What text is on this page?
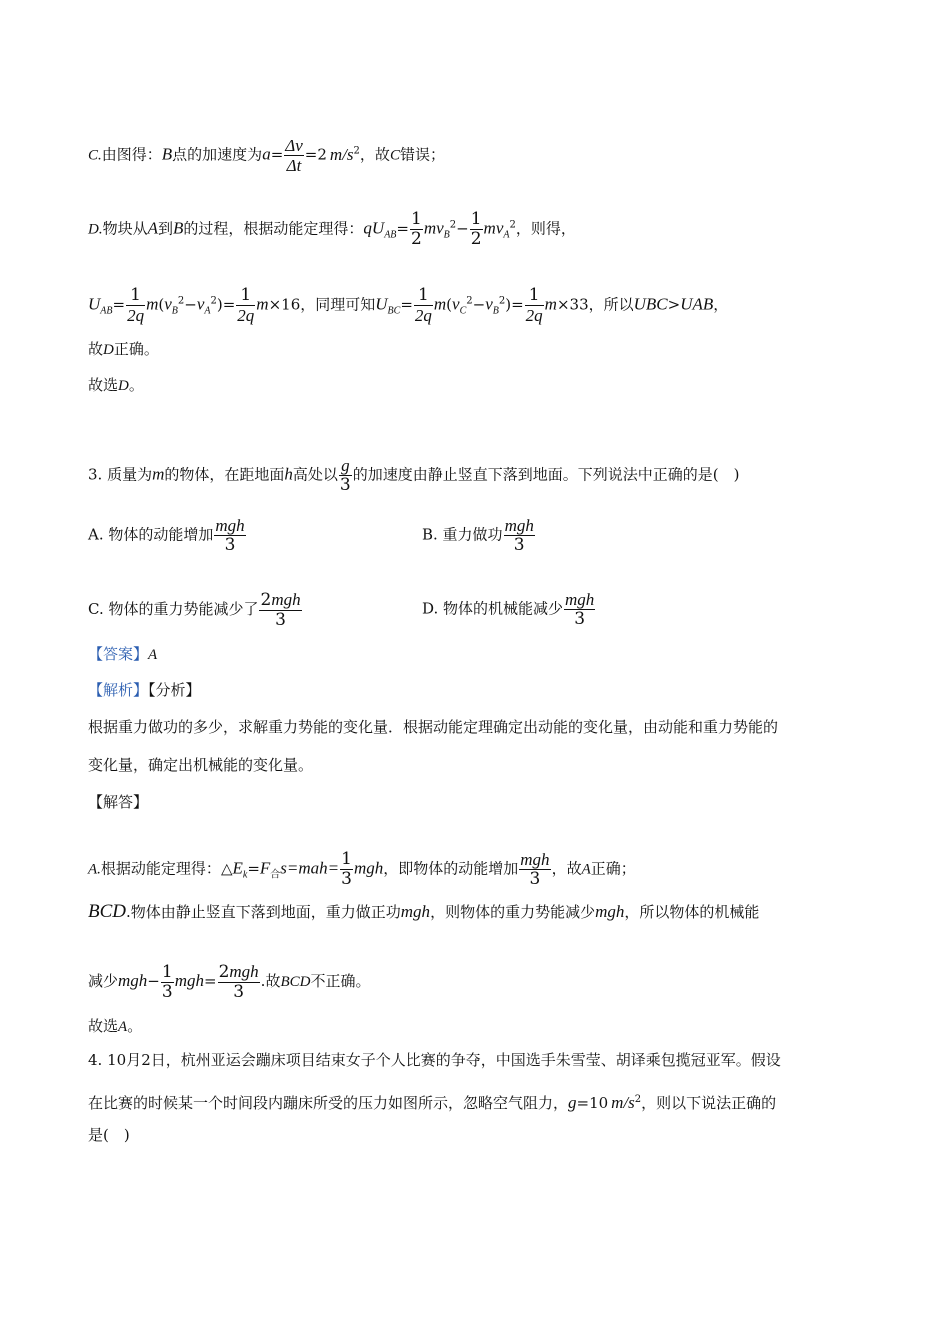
C.由图得：B点的加速度为$a= \frac{\Delta v}{\Delta t} =2$ $m/s^2$，故C错误；
D.物块从A到B的过程，根据动能定理得：$qU_{AB}= \frac{1}{2} mv_B^2- \frac{1}{2} mv_A^2$，则得，
$U_{AB}= \frac{1}{2q} m(v_B^2-v_A^2)= \frac{1}{2q} m\times 16$，同理可知$U_{BC}= \frac{1}{2q} m(v_C^2-v_B^2)= \frac{1}{2q} m\times 33$，所以UBC>UAB，
故D正确。
故选D。
3. 质量为m的物体，在距地面h高处以 $\frac{g}{3}$ 的加速度由静止竖直下落到地面。下列说法中正确的是( )
A. 物体的动能增加 $\frac{\text{mgh}}{3}$	B. 重力做功 $\frac{\text{mgh}}{3}$
C. 物体的重力势能减少了 $\frac{\text{2mgh}}{3}$	D. 物体的机械能减少 $\frac{\text{mgh}}{3}$
【答案】A
【解析】【分析】
根据重力做功的多少，求解重力势能的变化量．根据动能定理确定出动能的变化量，由动能和重力势能的
变化量，确定出机械能的变化量。
【解答】
A.根据动能定理得：$\triangle E_k=F_合s=mah= \frac{1}{3}$ mgh，即物体的动能增加 $\frac{\text{mgh}}{3}$ ，故A正确；
BCD.物体由静止竖直下落到地面，重力做正功mgh，则物体的重力势能减少mgh，所以物体的机械能
减少$mgh- \frac{1}{3} mgh= \frac{\text{2mgh}}{3}$ .故BCD不正确。
故选A。
4. 10月2日，杭州亚运会蹦床项目结束女子个人比赛的争夺，中国选手朱雪莹、胡译乘包揽冠亚军。假设
在比赛的时候某一个时间段内蹦床所受的压力如图所示，忽略空气阻力，g=10 $m/s^2$，则以下说法正确的
是( )
